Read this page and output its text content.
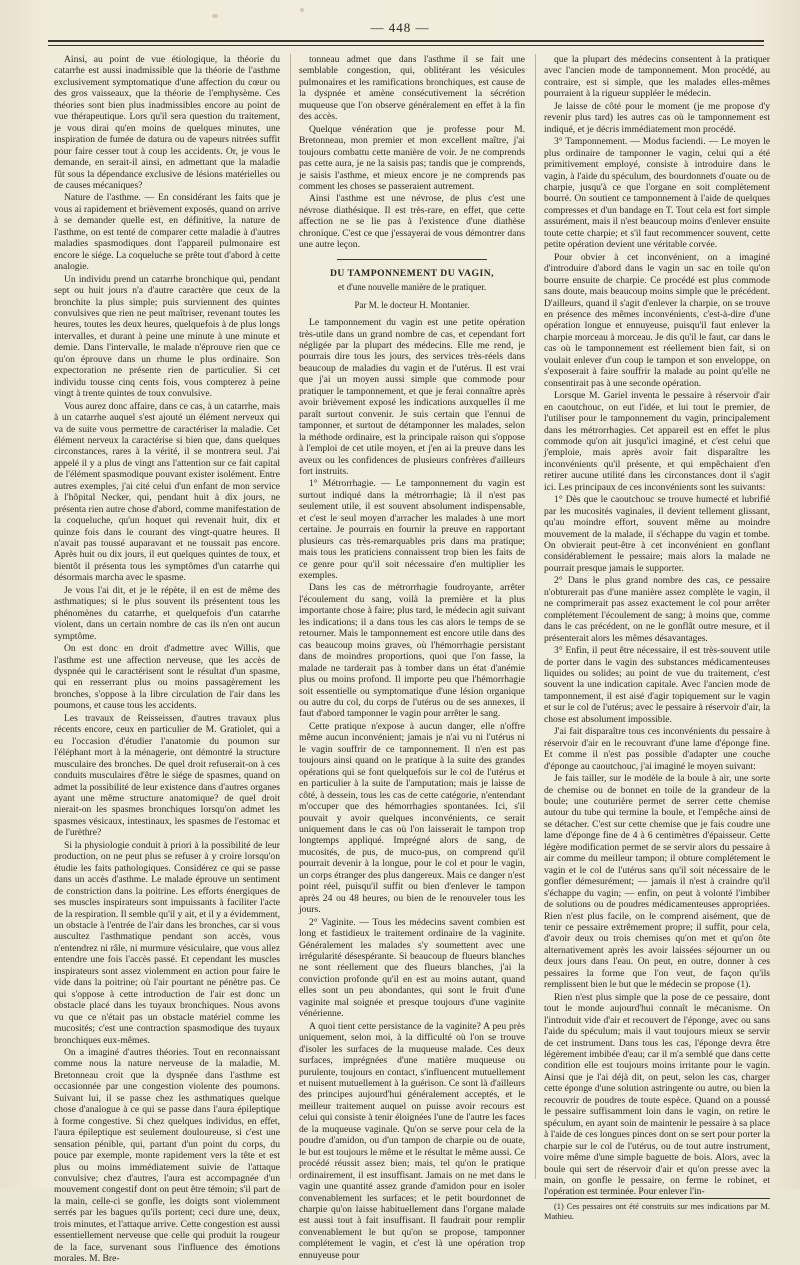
— 448 —

Ainsi, au point de vue étiologique, la théorie du catarrhe est aussi inadmissible que la théorie de l'asthme exclusivement symptomatique d'une affection du cœur ou des gros vaisseaux, que la théorie de l'emphysème. Ces théories sont bien plus inadmissibles encore au point de vue thérapeutique. Lors qu'il sera question du traitement, je vous dirai qu'en moins de quelques minutes, une inspiration de fumée de datura ou de vapeurs nitrées suffit pour faire cesser tout à coup les accidents. Or, je vous le demande, en serait-il ainsi, en admettant que la maladie fût sous la dépendance exclusive de lésions matérielles ou de causes mécaniques?

Nature de l'asthme. — En considérant les faits que je vous ai rapidement et brièvement exposés, quand on arrive à se demander quelle est, en définitive, la nature de l'asthme, on est tenté de comparer cette maladie à d'autres maladies spasmodiques dont l'appareil pulmonaire est encore le siége. La coqueluche se prête tout d'abord à cette analogie.

Un individu prend un catarrhe bronchique qui, pendant sept ou huit jours n'a d'autre caractère que ceux de la bronchite la plus simple; puis surviennent des quintes convulsives que rien ne peut maîtriser, revenant toutes les heures, toutes les deux heures, quelquefois à de plus longs intervalles, et durant à peine une minute à une minute et demie. Dans l'intervalle, le malade n'éprouve rien que ce qu'on éprouve dans un rhume le plus ordinaire. Son expectoration ne présente rien de particulier. Si cet individu tousse cinq cents fois, vous compterez à peine vingt à trente quintes de toux convulsive.

Vous aurez donc affaire, dans ce cas, à un catarrhe, mais à un catarrhe auquel s'est ajouté un élément nerveux qui va de suite vous permettre de caractériser la maladie. Cet élément nerveux la caractérise si bien que, dans quelques circonstances, rares à la vérité, il se montrera seul. J'ai appelé il y a plus de vingt ans l'attention sur ce fait capital de l'élément spasmodique pouvant exister isolément. Entre autres exemples, j'ai cité celui d'un enfant de mon service à l'hôpital Necker, qui, pendant huit à dix jours, ne présenta rien autre chose d'abord, comme manifestation de la coqueluche, qu'un hoquet qui revenait huit, dix et quinze fois dans le courant des vingt-quatre heures. Il n'avait pas toussé auparavant et ne toussait pas encore. Après huit ou dix jours, il eut quelques quintes de toux, et bientôt il présenta tous les symptômes d'un catarrhe qui désormais marcha avec le spasme.

Je vous l'ai dit, et je le répète, il en est de même des asthmatiques; si le plus souvent ils présentent tous les phénomènes du catarrhe, et quelquefois d'un catarrhe violent, dans un certain nombre de cas ils n'en ont aucun symptôme.

On est donc en droit d'admettre avec Willis, que l'asthme est une affection nerveuse, que les accès de dyspnée qui le caractérisent sont le résultat d'un spasme, qui en resserrant plus ou moins passagèrement les bronches, s'oppose à la libre circulation de l'air dans les poumons, et cause tous les accidents.

Les travaux de Reisseissen, d'autres travaux plus récents encore, ceux en particulier de M. Gratiolet, qui a eu l'occasion d'étudier l'anatomie du poumon sur l'éléphant mort à la ménagerie, ont démontré la structure musculaire des bronches. De quel droit refuserait-on à ces conduits musculaires d'être le siége de spasmes, quand on admet la possibilité de leur existence dans d'autres organes ayant une même structure anatomique? de quel droit nierait-on les spasmes bronchiques lorsqu'on admet les spasmes vésicaux, intestinaux, les spasmes de l'estomac et de l'urèthre?

Si la physiologie conduit à priori à la possibilité de leur production, on ne peut plus se refuser à y croire lorsqu'on étudie les faits pathologiques. Considérez ce qui se passe dans un accès d'asthme. Le malade éprouve un sentiment de constriction dans la poitrine. Les efforts énergiques de ses muscles inspirateurs sont impuissants à faciliter l'acte de la respiration. Il semble qu'il y ait, et il y a évidemment, un obstacle à l'entrée de l'air dans les bronches, car si vous auscultez l'asthmatique pendant son accès, vous n'entendrez ni râle, ni murmure vésiculaire, que vous allez entendre une fois l'accès passé. Et cependant les muscles inspirateurs sont assez violemment en action pour faire le vide dans la poitrine; où l'air pourtant ne pénètre pas. Ce qui s'oppose à cette introduction de l'air est donc un obstacle placé dans les tuyaux bronchiques. Nous avons vu que ce n'était pas un obstacle matériel comme les mucosités; c'est une contraction spasmodique des tuyaux bronchiques eux-mêmes.

On a imaginé d'autres théories. Tout en reconnaissant comme nous la nature nerveuse de la maladie, M. Bretonneau croit que la dyspnée dans l'asthme est occasionnée par une congestion violente des poumons. Suivant lui, il se passe chez les asthmatiques quelque chose d'analogue à ce qui se passe dans l'aura épileptique à forme congestive. Si chez quelques individus, en effet, l'aura épileptique est seulement douloureuse, si c'est une sensation pénible, qui, partant d'un point du corps, du pouce par exemple, monte rapidement vers la tête et est plus ou moins immédiatement suivie de l'attaque convulsive; chez d'autres, l'aura est accompagnée d'un mouvement congestif dont on peut être témoin; s'il part de la main, celle-ci se gonfle, les doigts sont violemment serrés par les bagues qu'ils portent; ceci dure une, deux, trois minutes, et l'attaque arrive. Cette congestion est aussi essentiellement nerveuse que celle qui produit la rougeur de la face, survenant sous l'influence des émotions morales. M. Bre-

tonneau admet que dans l'asthme il se fait une semblable congestion, qui, oblitérant les vésicules pulmonaires et les ramifications bronchiques, est cause de la dyspnée et amène consécutivement la sécrétion muqueuse que l'on observe généralement en effet à la fin des accès.

Quelque vénération que je professe pour M. Bretonneau, mon premier et mon excellent maître, j'ai toujours combattu cette manière de voir. Je ne comprends pas cette aura, je ne la saisis pas; tandis que je comprends, je saisis l'asthme, et mieux encore je ne comprends pas comment les choses se passeraient autrement.

Ainsi l'asthme est une névrose, de plus c'est une névrose diathésique. Il est très-rare, en effet, que cette affection ne se lie pas à l'existence d'une diathèse chronique. C'est ce que j'essayerai de vous démontrer dans une autre leçon.

DU TAMPONNEMENT DU VAGIN,

et d'une nouvelle manière de le pratiquer.

Par M. le docteur H. Montanier.

Le tamponnement du vagin est une petite opération très-utile dans un grand nombre de cas, et cependant fort négligée par la plupart des médecins. Elle me rend, je pourrais dire tous les jours, des services très-réels dans beaucoup de maladies du vagin et de l'utérus. Il est vrai que j'ai un moyen aussi simple que commode pour pratiquer le tamponnement, et que je ferai connaître après avoir brièvement exposé les indications auxquelles il me paraît surtout convenir. Je suis certain que l'ennui de tamponner, et surtout de détamponner les malades, selon la méthode ordinaire, est la principale raison qui s'oppose à l'emploi de cet utile moyen, et j'en ai la preuve dans les aveux ou les confidences de plusieurs confrères d'ailleurs fort instruits.

1° Métrorrhagie. — Le tamponnement du vagin est surtout indiqué dans la métrorrhagie; là il n'est pas seulement utile, il est souvent absolument indispensable, et c'est le seul moyen d'arracher les malades à une mort certaine. Je pourrais en fournir la preuve en rapportant plusieurs cas très-remarquables pris dans ma pratique; mais tous les praticiens connaissent trop bien les faits de ce genre pour qu'il soit nécessaire d'en multiplier les exemples.

Dans les cas de métrorrhagie foudroyante, arrêter l'écoulement du sang, voilà la première et la plus importante chose à faire; plus tard, le médecin agit suivant les indications; il a dans tous les cas alors le temps de se retourner. Mais le tamponnement est encore utile dans des cas beaucoup moins graves, où l'hémorrhagie persistant dans de moindres proportions, quoi que l'on fasse, la malade ne tarderait pas à tomber dans un état d'anémie plus ou moins profond. Il importe peu que l'hémorrhagie soit essentielle ou symptomatique d'une lésion organique ou autre du col, du corps de l'utérus ou de ses annexes, il faut d'abord tamponner le vagin pour arrêter le sang.

Cette pratique n'expose à aucun danger, elle n'offre même aucun inconvénient; jamais je n'ai vu ni l'utérus ni le vagin souffrir de ce tamponnement. Il n'en est pas toujours ainsi quand on le pratique à la suite des grandes opérations qui se font quelquefois sur le col de l'utérus et en particulier à la suite de l'amputation; mais je laisse de côté, à dessein, tous les cas de cette catégorie, n'entendant m'occuper que des hémorrhagies spontanées. Ici, s'il pouvait y avoir quelques inconvénients, ce serait uniquement dans le cas où l'on laisserait le tampon trop longtemps appliqué. Imprégné alors de sang, de mucosités, de pus, de muco-pus, on comprend qu'il pourrait devenir à la longue, pour le col et pour le vagin, un corps étranger des plus dangereux. Mais ce danger n'est point réel, puisqu'il suffit ou bien d'enlever le tampon après 24 ou 48 heures, ou bien de le renouveler tous les jours.

2° Vaginite. — Tous les médecins savent combien est long et fastidieux le traitement ordinaire de la vaginite. Généralement les malades s'y soumettent avec une irrégularité désespérante. Si beaucoup de flueurs blanches ne sont réellement que des flueurs blanches, j'ai la conviction profonde qu'il en est au moins autant, quand elles sont un peu abondantes, qui sont le fruit d'une vaginite mal soignée et presque toujours d'une vaginite vénérienne.

A quoi tient cette persistance de la vaginite? A peu près uniquement, selon moi, à la difficulté où l'on se trouve d'isoler les surfaces de la muqueuse malade. Ces deux surfaces, imprégnées d'une matière muqueuse ou purulente, toujours en contact, s'influencent mutuellement et nuisent mutuellement à la guérison. Ce sont là d'ailleurs des principes aujourd'hui généralement acceptés, et le meilleur traitement auquel on puisse avoir recours est celui qui consiste à tenir éloignées l'une de l'autre les faces de la muqueuse vaginale. Qu'on se serve pour cela de la poudre d'amidon, ou d'un tampon de charpie ou de ouate, le but est toujours le même et le résultat le même aussi. Ce procédé réussit assez bien; mais, tel qu'on le pratique ordinairement, il est insuffisant. Jamais on ne met dans le vagin une quantité assez grande d'amidon pour en isoler convenablement les surfaces; et le petit bourdonnet de charpie qu'on laisse habituellement dans l'organe malade est aussi tout à fait insuffisant. Il faudrait pour remplir convenablement le but qu'on se propose, tamponner complétement le vagin, et c'est là une opération trop ennuyeuse pour

que la plupart des médecins consentent à la pratiquer avec l'ancien mode de tamponnement. Mon procédé, au contraire, est si simple, que les malades elles-mêmes pourraient à la rigueur suppléer le médecin.

Je laisse de côté pour le moment (je me propose d'y revenir plus tard) les autres cas où le tamponnement est indiqué, et je décris immédiatement mon procédé.

3° Tamponnement. — Modus faciendi. — Le moyen le plus ordinaire de tamponner le vagin, celui qui a été primitivement employé, consiste à introduire dans le vagin, à l'aide du spéculum, des bourdonnets d'ouate ou de charpie, jusqu'à ce que l'organe en soit complètement bourré. On soutient ce tamponnement à l'aide de quelques compresses et d'un bandage en T. Tout cela est fort simple assurément, mais il n'est beaucoup moins d'enlever ensuite toute cette charpie; et s'il faut recommencer souvent, cette petite opération devient une véritable corvée.

Pour obvier à cet inconvénient, on a imaginé d'introduire d'abord dans le vagin un sac en toile qu'on bourre ensuite de charpie. Ce procédé est plus commode sans doute, mais beaucoup moins simple que le précédent. D'ailleurs, quand il s'agit d'enlever la charpie, on se trouve en présence des mêmes inconvénients, c'est-à-dire d'une opération longue et ennuyeuse, puisqu'il faut enlever la charpie morceau à morceau. Je dis qu'il le faut, car dans le cas où le tamponnement est réellement bien fait, si on voulait enlever d'un coup le tampon et son enveloppe, on s'exposerait à faire souffrir la malade au point qu'elle ne consentirait pas à une seconde opération.

Lorsque M. Gariel inventa le pessaire à réservoir d'air en caoutchouc, on eut l'idée, et lui tout le premier, de l'utiliser pour le tamponnement du vagin, principalement dans les métrorrhagies. Cet appareil est en effet le plus commode qu'on ait jusqu'ici imaginé, et c'est celui que j'emploie, mais après avoir fait disparaître les inconvénients qu'il présente, et qui empêchaient d'en retirer aucune utilité dans les circonstances dont il s'agit ici. Les principaux de ces inconvénients sont les suivants:

1° Dès que le caoutchouc se trouve humecté et lubrifié par les mucosités vaginales, il devient tellement glissant, qu'au moindre effort, souvent même au moindre mouvement de la malade, il s'échappe du vagin et tombe. On obvierait peut-être à cet inconvénient en gonflant considérablement le pessaire; mais alors la malade ne pourrait presque jamais le supporter.

2° Dans le plus grand nombre des cas, ce pessaire n'obturerait pas d'une manière assez complète le vagin, il ne comprimerait pas assez exactement le col pour arrêter complétement l'écoulement de sang; à moins que, comme dans le cas précédent, on ne le gonflât outre mesure, et il présenterait alors les mêmes désavantages.

3° Enfin, il peut être nécessaire, il est très-souvent utile de porter dans le vagin des substances médicamenteuses liquides ou solides; au point de vue du traitement, c'est souvent la une indication capitale. Avec l'ancien mode de tamponnement, il est aisé d'agir topiquement sur le vagin et sur le col de l'utérus; avec le pessaire à réservoir d'air, la chose est absolument impossible.

J'ai fait disparaître tous ces inconvénients du pessaire à réservoir d'air en le recouvrant d'une lame d'éponge fine. Et comme il n'est pas possible d'adapter une couche d'éponge au caoutchouc, j'ai imaginé le moyen suivant:

Je fais tailler, sur le modèle de la boule à air, une sorte de chemise ou de bonnet en toile de la grandeur de la boule; une couturière permet de serrer cette chemise autour du tube qui termine la boule, et l'empêche ainsi de se détacher. C'est sur cette chemise que je fais coudre une lame d'éponge fine de 4 à 6 centimètres d'épaisseur. Cette légère modification permet de se servir alors du pessaire à air comme du meilleur tampon; il obture complétement le vagin et le col de l'utérus sans qu'il soit nécessaire de le gonfler démesurément; — jamais il n'est à craindre qu'il s'échappe du vagin; — enfin, on peut à volonté l'imbiber de solutions ou de poudres médicamenteuses appropriées. Rien n'est plus facile, on le comprend aisément, que de tenir ce pessaire extrêmement propre; il suffit, pour cela, d'avoir deux ou trois chemises qu'on met et qu'on ôte alternativement après les avoir laissées séjourner un ou deux jours dans l'eau. On peut, en outre, donner à ces pessaires la forme que l'on veut, de façon qu'ils remplissent bien le but que le médecin se propose (1).

Rien n'est plus simple que la pose de ce pessaire, dont tout le monde aujourd'hui connaît le mécanisme. On l'introduit vide d'air et recouvert de l'éponge, avec ou sans l'aide du spéculum; mais il vaut toujours mieux se servir de cet instrument. Dans tous les cas, l'éponge devra être légèrement imbibée d'eau; car il m'a semblé que dans cette condition elle est toujours moins irritante pour le vagin. Ainsi que je l'ai déjà dit, on peut, selon les cas, charger cette éponge d'une solution astringente ou autre, ou bien la recouvrir de poudres de toute espèce. Quand on a poussé le pessaire suffisamment loin dans le vagin, on retire le spéculum, en ayant soin de maintenir le pessaire à sa place à l'aide de ces longues pinces dont on se sert pour porter la charpie sur le col de l'utérus, ou de tout autre instrument, voire même d'une simple baguette de bois. Alors, avec la boule qui sert de réservoir d'air et qu'on presse avec la main, on gonfle le pessaire, on ferme le robinet, et l'opération est terminée. Pour enlever l'in-

(1) Ces pessaires ont été construits sur mes indications par M. Mathieu.
